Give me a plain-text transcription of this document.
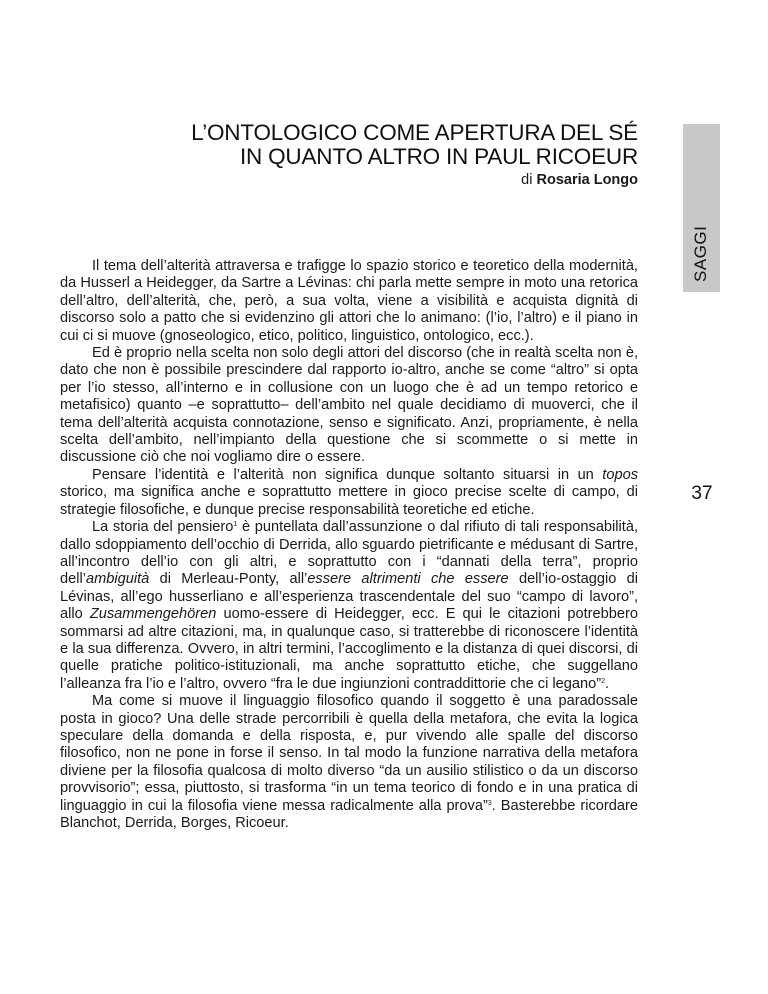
SAGGI
37
L’ONTOLOGICO COME APERTURA DEL SÉ
IN QUANTO ALTRO IN PAUL RICOEUR
di Rosaria Longo

Il tema dell’alterità attraversa e trafigge lo spazio storico e teoretico della modernità, da Husserl a Heidegger, da Sartre a Lévinas: chi parla mette sempre in moto una retorica dell’altro, dell’alterità, che, però, a sua volta, viene a visibilità e acquista dignità di discorso solo a patto che si evidenzino gli attori che lo animano: (l’io, l’altro) e il piano in cui ci si muove (gnoseologico, etico, politico, linguistico, ontologico, ecc.).

Ed è proprio nella scelta non solo degli attori del discorso (che in realtà scelta non è, dato che non è possibile prescindere dal rapporto io-altro, anche se come “altro” si opta per l’io stesso, all’interno e in collusione con un luogo che è ad un tempo retorico e metafisico) quanto –e soprattutto– dell’ambito nel quale decidiamo di muoverci, che il tema dell’alterità acquista connotazione, senso e significato. Anzi, propriamente, è nella scelta dell’ambito, nell’impianto della questione che si scommette o si mette in discussione ciò che noi vogliamo dire o essere.

Pensare l’identità e l’alterità non significa dunque soltanto situarsi in un topos storico, ma significa anche e soprattutto mettere in gioco precise scelte di campo, di strategie filosofiche, e dunque precise responsabilità teoretiche ed etiche.

La storia del pensiero$^1$ è puntellata dall’assunzione o dal rifiuto di tali responsabilità, dallo sdoppiamento dell’occhio di Derrida, allo sguardo pietrificante e médusant di Sartre, all’incontro dell’io con gli altri, e soprattutto con i “dannati della terra”, proprio dell’ambiguità di Merleau-Ponty, all’essere altrimenti che essere dell’io-ostaggio di Lévinas, all’ego husserliano e all’esperienza trascendentale del suo “campo di lavoro”, allo Zusammengehören uomo-essere di Heidegger, ecc. E qui le citazioni potrebbero sommarsi ad altre citazioni, ma, in qualunque caso, si tratterebbe di riconoscere l’identità e la sua differenza. Ovvero, in altri termini, l’accoglimento e la distanza di quei discorsi, di quelle pratiche politico-istituzionali, ma anche soprattutto etiche, che suggellano l’alleanza fra l’io e l’altro, ovvero “fra le due ingiunzioni contraddittorie che ci legano”$^2$.

Ma come si muove il linguaggio filosofico quando il soggetto è una paradossale posta in gioco? Una delle strade percorribili è quella della metafora, che evita la logica speculare della domanda e della risposta, e, pur vivendo alle spalle del discorso filosofico, non ne pone in forse il senso. In tal modo la funzione narrativa della metafora diviene per la filosofia qualcosa di molto diverso “da un ausilio stilistico o da un discorso provvisorio”; essa, piuttosto, si trasforma “in un tema teorico di fondo e in una pratica di linguaggio in cui la filosofia viene messa radicalmente alla prova”$^3$. Basterebbe ricordare Blanchot, Derrida, Borges, Ricoeur.
